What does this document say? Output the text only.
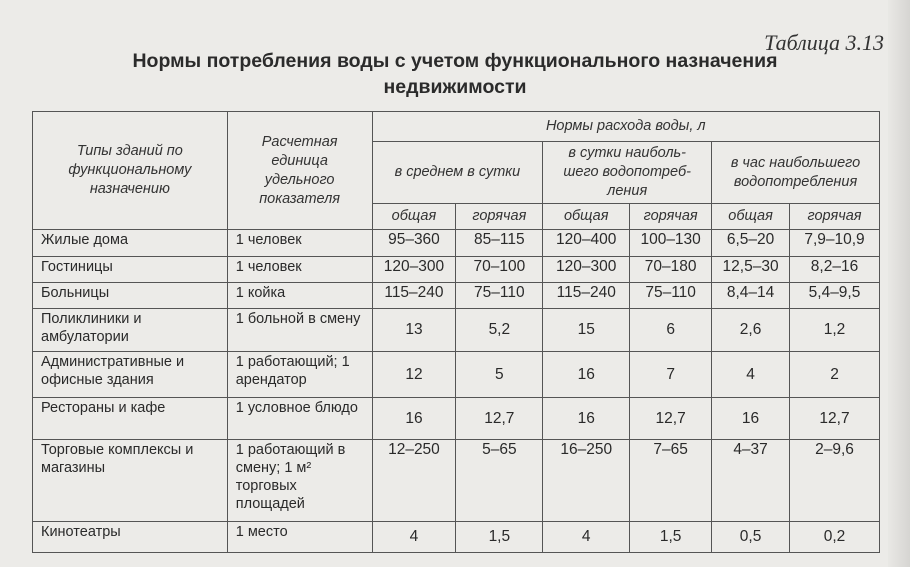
Таблица 3.13
Нормы потребления воды с учетом функционального назначения
недвижимости
Типы зданий по функциональному назначению	Расчетная единица удельного показателя	Нормы расхода воды, л					
		в среднем в сутки		в сутки наиболь-шего водопотреб-ления		в час наибольшего водопотребления	
		общая	горячая	общая	горячая	общая	горячая
Жилые дома	1 человек	95–360	85–115	120–400	100–130	6,5–20	7,9–10,9
Гостиницы	1 человек	120–300	70–100	120–300	70–180	12,5–30	8,2–16
Больницы	1 койка	115–240	75–110	115–240	75–110	8,4–14	5,4–9,5
Поликлиники и амбулатории	1 больной в смену	13	5,2	15	6	2,6	1,2
Административные и офисные здания	1 работающий; 1 арендатор	12	5	16	7	4	2
Рестораны и кафе	1 условное блюдо	16	12,7	16	12,7	16	12,7
Торговые комплексы и магазины	1 работающий в смену; 1 м² торговых площадей	12–250	5–65	16–250	7–65	4–37	2–9,6
Кинотеатры	1 место	4	1,5	4	1,5	0,5	0,2
